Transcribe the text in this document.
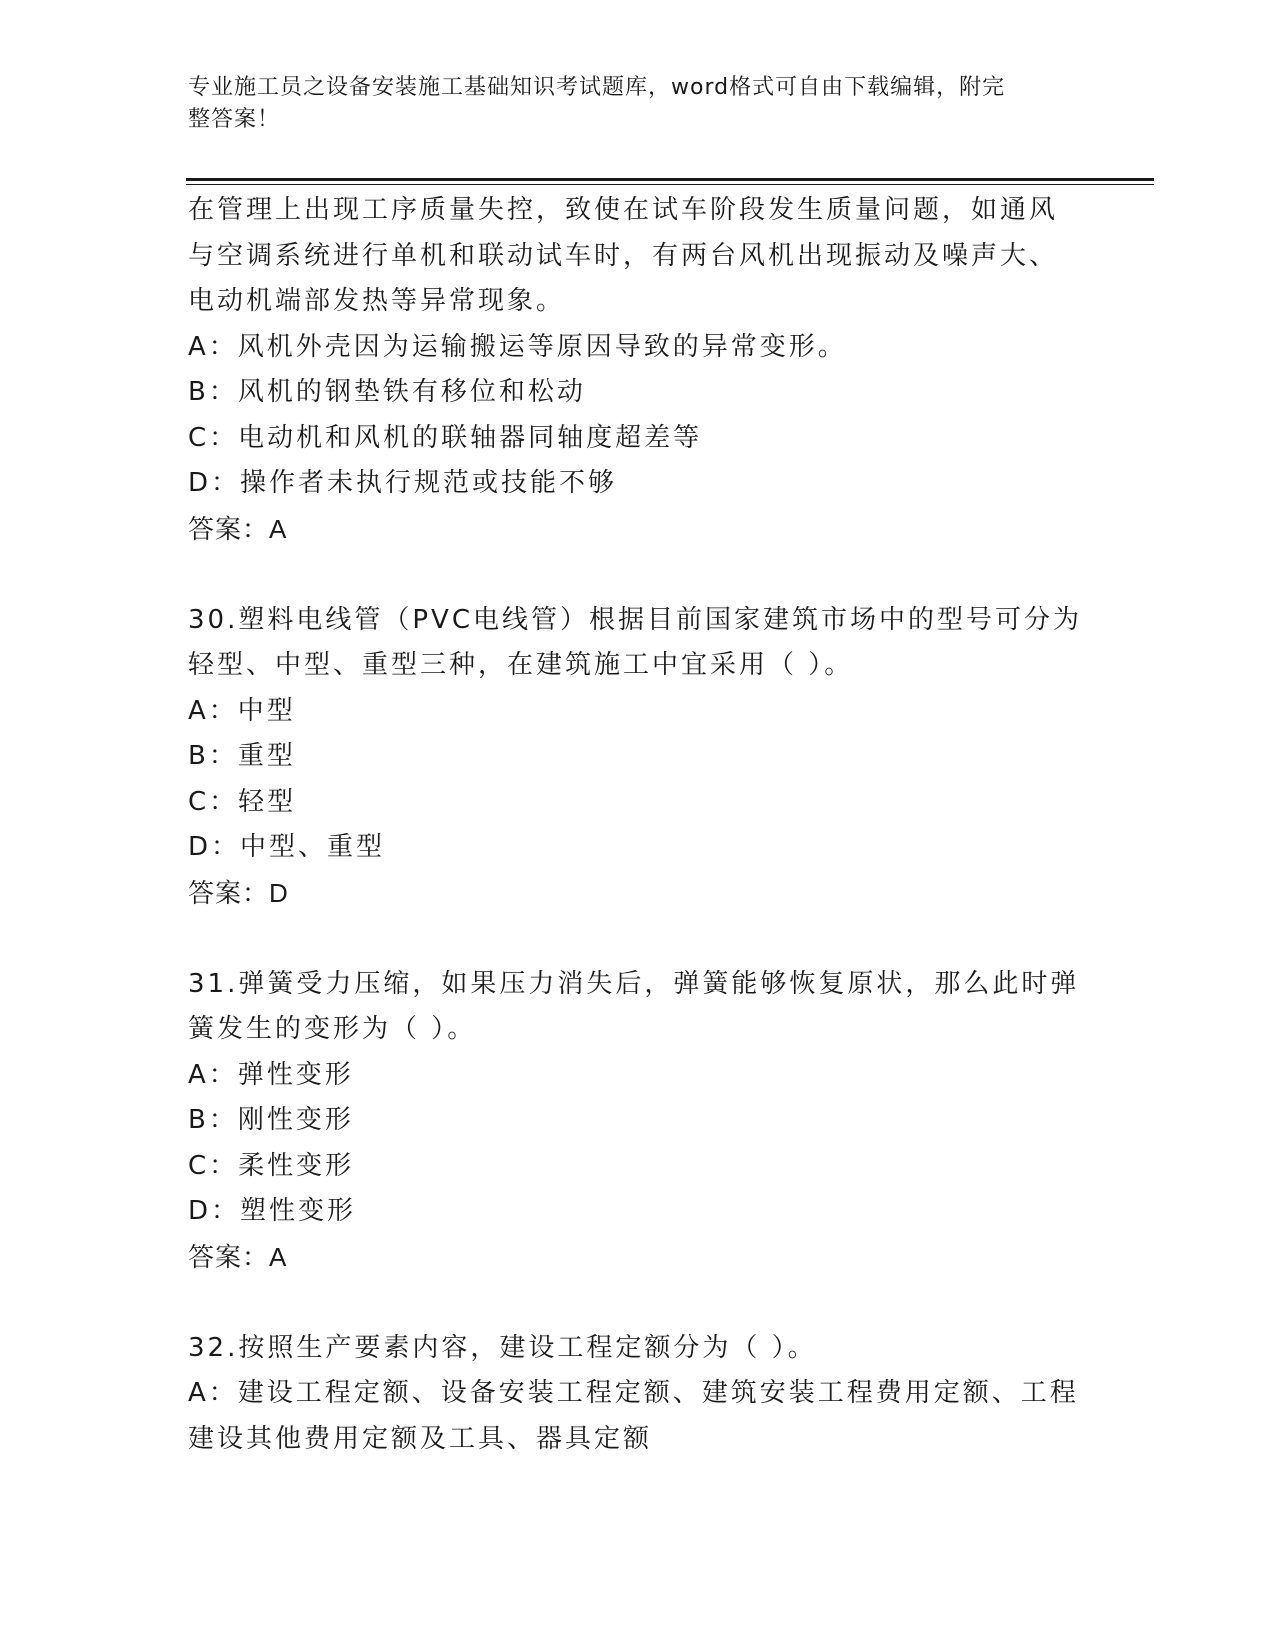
专业施工员之设备安装施工基础知识考试题库，word格式可自由下载编辑，附完
整答案！
在管理上出现工序质量失控，致使在试车阶段发生质量问题，如通风
与空调系统进行单机和联动试车时，有两台风机出现振动及噪声大、
电动机端部发热等异常现象。
A：风机外壳因为运输搬运等原因导致的异常变形。
B：风机的钢垫铁有移位和松动
C：电动机和风机的联轴器同轴度超差等
D：操作者未执行规范或技能不够
答案：A
30.塑料电线管（PVC电线管）根据目前国家建筑市场中的型号可分为
轻型、中型、重型三种，在建筑施工中宜采用（ ）。
A：中型
B：重型
C：轻型
D：中型、重型
答案：D
31.弹簧受力压缩，如果压力消失后，弹簧能够恢复原状，那么此时弹
簧发生的变形为（ ）。
A：弹性变形
B：刚性变形
C：柔性变形
D：塑性变形
答案：A
32.按照生产要素内容，建设工程定额分为（ ）。
A：建设工程定额、设备安装工程定额、建筑安装工程费用定额、工程
建设其他费用定额及工具、器具定额
